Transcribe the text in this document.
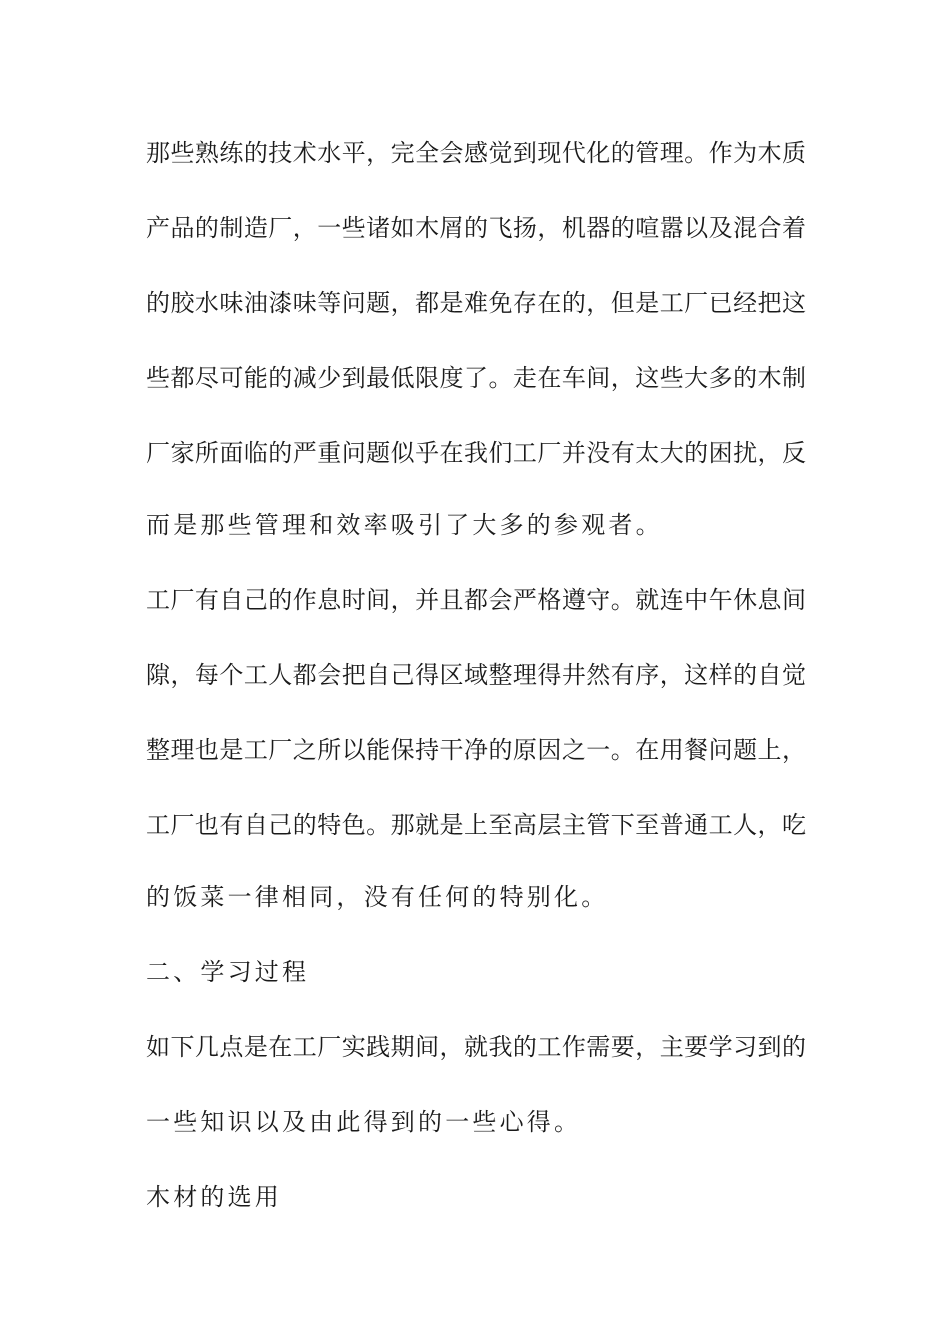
那些熟练的技术水平，完全会感觉到现代化的管理。作为木质
产品的制造厂，一些诸如木屑的飞扬，机器的喧嚣以及混合着
的胶水味油漆味等问题，都是难免存在的，但是工厂已经把这
些都尽可能的减少到最低限度了。走在车间，这些大多的木制
厂家所面临的严重问题似乎在我们工厂并没有太大的困扰，反
而是那些管理和效率吸引了大多的参观者。
工厂有自己的作息时间，并且都会严格遵守。就连中午休息间
隙，每个工人都会把自己得区域整理得井然有序，这样的自觉
整理也是工厂之所以能保持干净的原因之一。在用餐问题上，
工厂也有自己的特色。那就是上至高层主管下至普通工人，吃
的饭菜一律相同，没有任何的特别化。
二、学习过程
如下几点是在工厂实践期间，就我的工作需要，主要学习到的
一些知识以及由此得到的一些心得。
木材的选用
